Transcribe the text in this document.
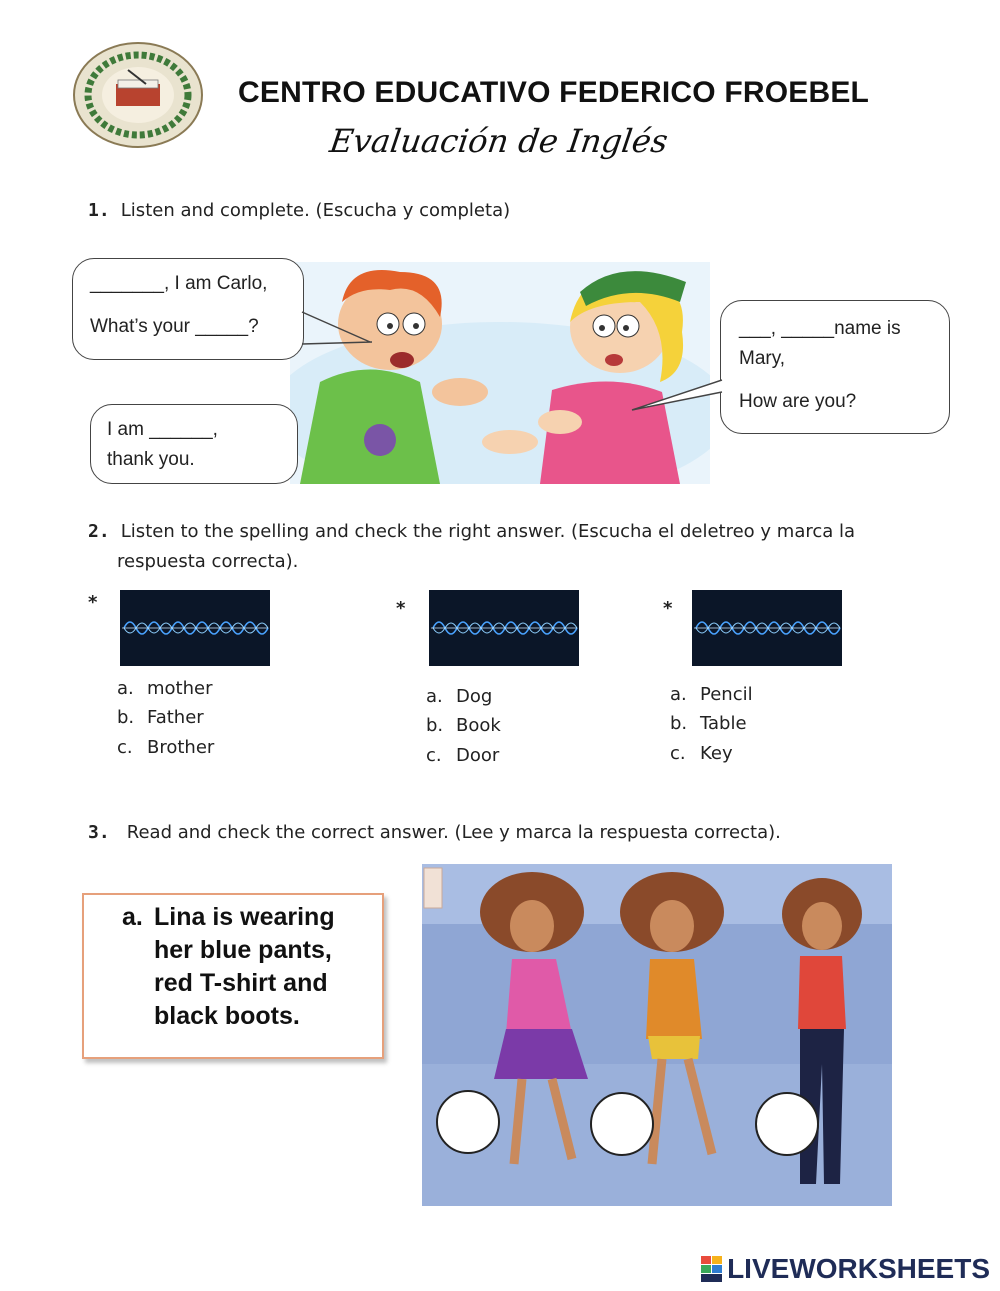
CENTRO EDUCATIVO FEDERICO FROEBEL
Evaluación de Inglés
1. Listen and complete. (Escucha y completa)
_______, I am Carlo,
What’s your _____?
I am ______,
thank you.
___, _____name is
Mary,
How are you?
2. Listen to the spelling and check the right answer. (Escucha el deletreo y marca la
respuesta correcta).
*
a. mother
b. Father
c. Brother
*
a. Dog
b. Book
c. Door
*
a. Pencil
b. Table
c. Key
3. Read and check the correct answer. (Lee y marca la respuesta correcta).
a. Lina is wearing
her blue pants,
red T-shirt and
black boots.
LIVEWORKSHEETS
